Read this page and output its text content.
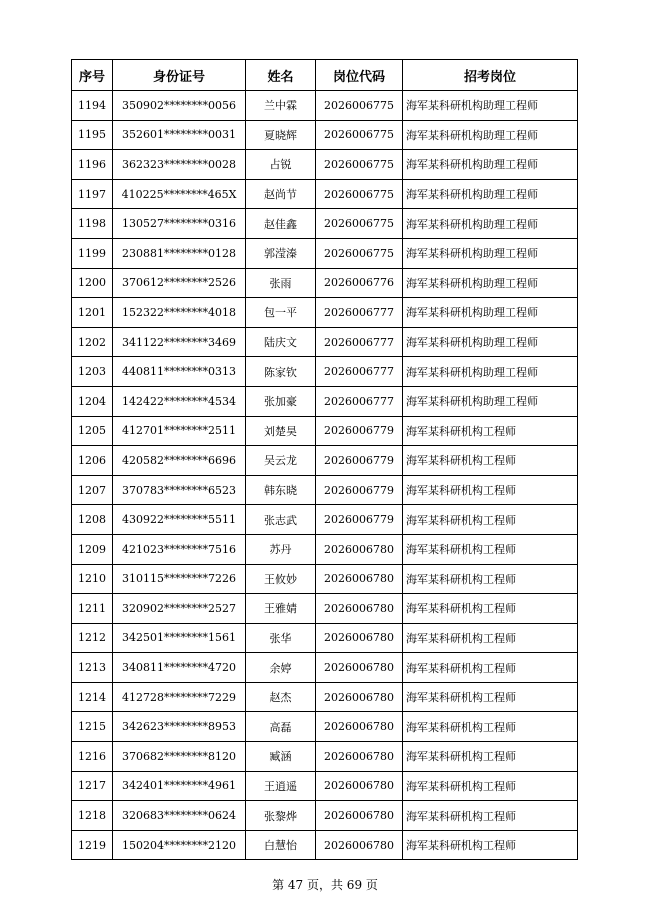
序号	身份证号	姓名	岗位代码	招考岗位
1194	350902********0056	兰中霖	2026006775	海军某科研机构助理工程师
1195	352601********0031	夏晓辉	2026006775	海军某科研机构助理工程师
1196	362323********0028	占锐	2026006775	海军某科研机构助理工程师
1197	410225********465X	赵尚节	2026006775	海军某科研机构助理工程师
1198	130527********0316	赵佳鑫	2026006775	海军某科研机构助理工程师
1199	230881********0128	郭滢溱	2026006775	海军某科研机构助理工程师
1200	370612********2526	张雨	2026006776	海军某科研机构助理工程师
1201	152322********4018	包一平	2026006777	海军某科研机构助理工程师
1202	341122********3469	陆庆文	2026006777	海军某科研机构助理工程师
1203	440811********0313	陈家钦	2026006777	海军某科研机构助理工程师
1204	142422********4534	张加豪	2026006777	海军某科研机构助理工程师
1205	412701********2511	刘楚昊	2026006779	海军某科研机构工程师
1206	420582********6696	吴云龙	2026006779	海军某科研机构工程师
1207	370783********6523	韩东晓	2026006779	海军某科研机构工程师
1208	430922********5511	张志武	2026006779	海军某科研机构工程师
1209	421023********7516	苏丹	2026006780	海军某科研机构工程师
1210	310115********7226	王攸妙	2026006780	海军某科研机构工程师
1211	320902********2527	王雅婧	2026006780	海军某科研机构工程师
1212	342501********1561	张华	2026006780	海军某科研机构工程师
1213	340811********4720	余婷	2026006780	海军某科研机构工程师
1214	412728********7229	赵杰	2026006780	海军某科研机构工程师
1215	342623********8953	高磊	2026006780	海军某科研机构工程师
1216	370682********8120	臧涵	2026006780	海军某科研机构工程师
1217	342401********4961	王逍遥	2026006780	海军某科研机构工程师
1218	320683********0624	张黎烨	2026006780	海军某科研机构工程师
1219	150204********2120	白慧怡	2026006780	海军某科研机构工程师
第 47 页，共 69 页
